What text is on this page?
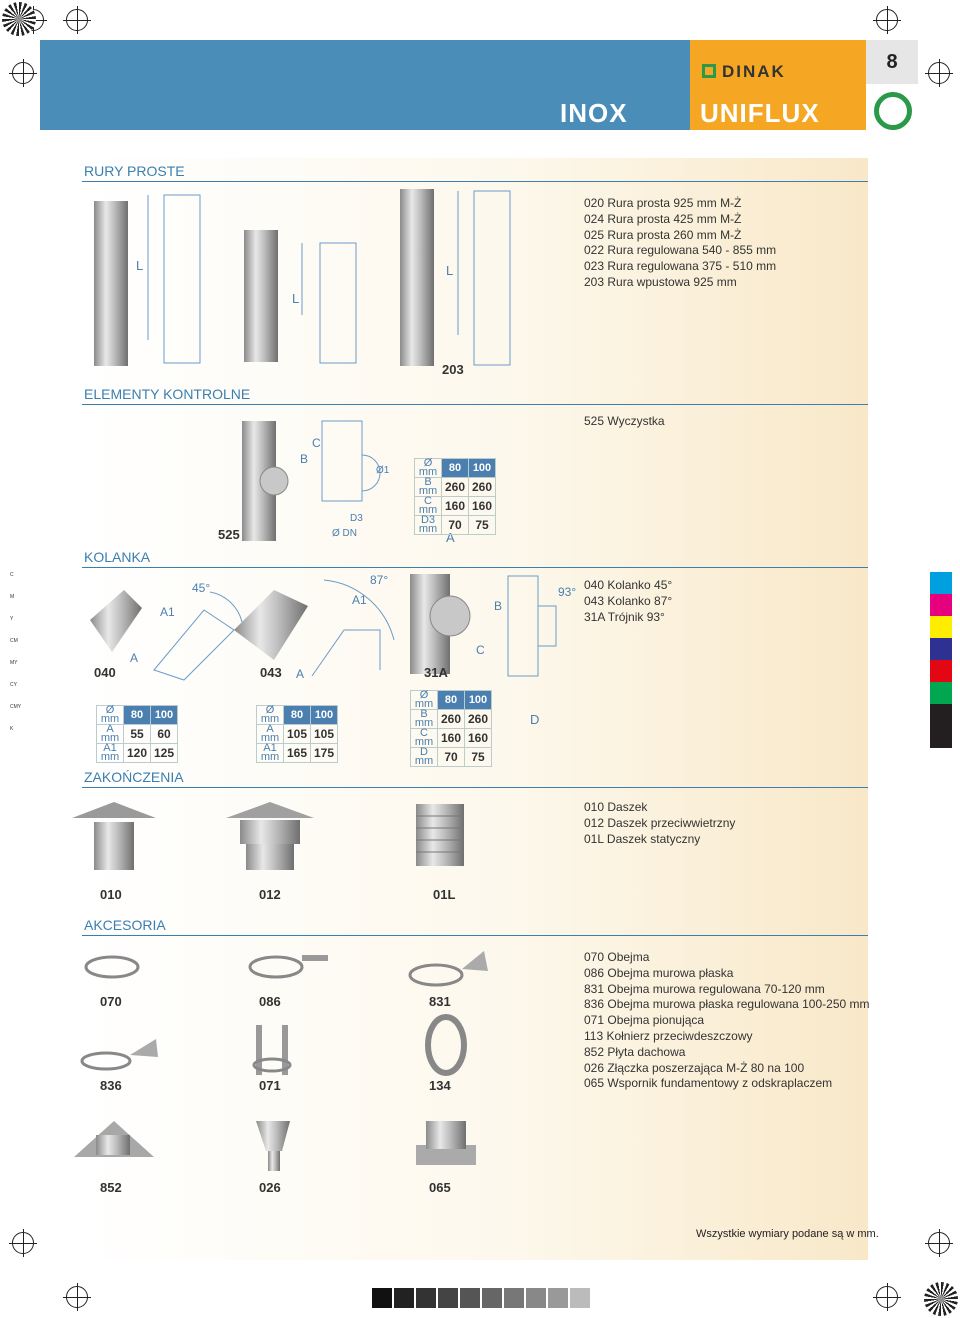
8
DINAK
INOX	UNIFLUX
C
M
Y
CM
MY
CY
CMY
K
RURY PROSTE
020 Rura prosta 925 mm M-Ż
024 Rura prosta 425 mm M-Ż
025 Rura prosta 260 mm M-Ż
022 Rura regulowana 540 - 855 mm
023 Rura regulowana 375 - 510 mm
203 Rura wpustowa 925 mm
L
L
L
203
ELEMENTY KONTROLNE
525 Wyczystka
B
C
D3
Ø DN
Ø1
525	A
Ø mm	80	100
B mm	260	260
C mm	160	160
D3 mm	70	75
KOLANKA
040 Kolanko 45°
043 Kolanko 87°
31A Trójnik 93°
45°
A
A1
A
A1
87°
C
B
93°
040	043	31A
D
Ø mm	80	100
A mm	55	60
A1 mm	120	125
Ø mm	80	100
A mm	105	105
A1 mm	165	175
Ø mm	80	100
B mm	260	260
C mm	160	160
D mm	70	75
ZAKOŃCZENIA
010 Daszek
012 Daszek przeciwwietrzny
01L Daszek statyczny
010	012	01L
AKCESORIA
070 Obejma
086 Obejma murowa płaska
831 Obejma murowa regulowana 70-120 mm
836 Obejma murowa płaska regulowana 100-250 mm
071 Obejma pionująca
113 Kołnierz przeciwdeszczowy
852 Płyta dachowa
026 Złączka poszerzająca M-Ż 80 na 100
065 Wspornik fundamentowy z odskraplaczem
070	086	831
836	071	134
852	026	065
Wszystkie wymiary podane są w mm.
